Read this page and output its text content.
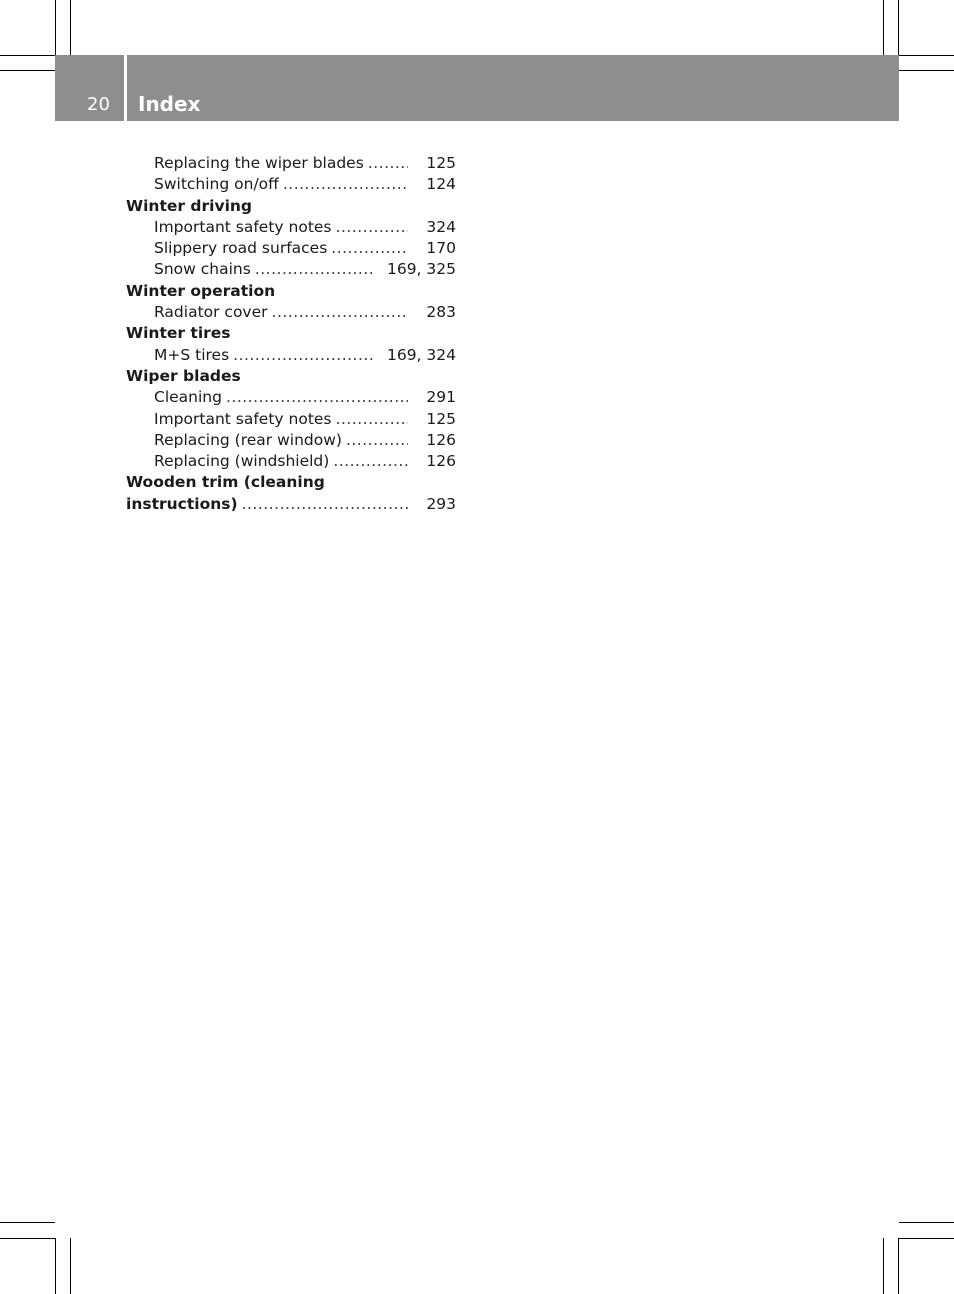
20 Index
Replacing the wiper blades .....	125
Switching on/off .....	124
Winter driving
Important safety notes .....	324
Slippery road surfaces .....	170
Snow chains .....	169, 325
Winter operation
Radiator cover .....	283
Winter tires
M+S tires .....	169, 324
Wiper blades
Cleaning .....	291
Important safety notes .....	125
Replacing (rear window) .....	126
Replacing (windshield) .....	126
Wooden trim (cleaning
instructions) .....	293
